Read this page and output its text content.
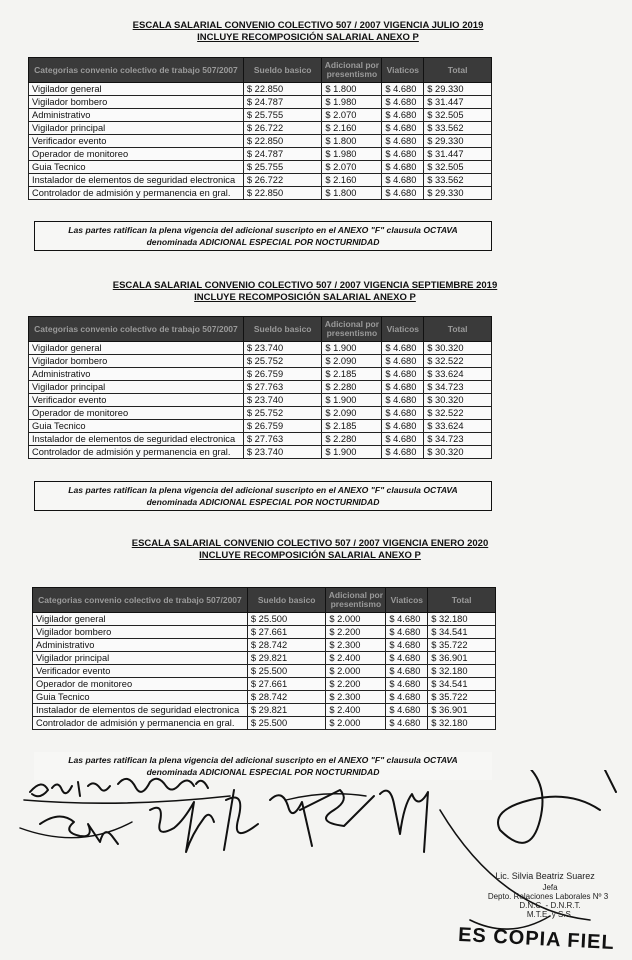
ESCALA SALARIAL CONVENIO COLECTIVO 507 / 2007 VIGENCIA JULIO 2019
INCLUYE RECOMPOSICIÓN SALARIAL ANEXO P
Categorias convenio colectivo de trabajo 507/2007	Sueldo basico	Adicional por presentismo	Viaticos	Total
Vigilador general	$ 22.850	$ 1.800	$ 4.680	$ 29.330
Vigilador bombero	$ 24.787	$ 1.980	$ 4.680	$ 31.447
Administrativo	$ 25.755	$ 2.070	$ 4.680	$ 32.505
Vigilador principal	$ 26.722	$ 2.160	$ 4.680	$ 33.562
Verificador evento	$ 22.850	$ 1.800	$ 4.680	$ 29.330
Operador de monitoreo	$ 24.787	$ 1.980	$ 4.680	$ 31.447
Guia Tecnico	$ 25.755	$ 2.070	$ 4.680	$ 32.505
Instalador de elementos de seguridad electronica	$ 26.722	$ 2.160	$ 4.680	$ 33.562
Controlador de admisión y permanencia en gral.	$ 22.850	$ 1.800	$ 4.680	$ 29.330
Las partes ratifican la plena vigencia del adicional suscripto en el ANEXO "F" clausula OCTAVA
denominada ADICIONAL ESPECIAL POR NOCTURNIDAD
ESCALA SALARIAL CONVENIO COLECTIVO 507 / 2007 VIGENCIA SEPTIEMBRE 2019
INCLUYE RECOMPOSICIÓN SALARIAL ANEXO P
Categorias convenio colectivo de trabajo 507/2007	Sueldo basico	Adicional por presentismo	Viaticos	Total
Vigilador general	$ 23.740	$ 1.900	$ 4.680	$ 30.320
Vigilador bombero	$ 25.752	$ 2.090	$ 4.680	$ 32.522
Administrativo	$ 26.759	$ 2.185	$ 4.680	$ 33.624
Vigilador principal	$ 27.763	$ 2.280	$ 4.680	$ 34.723
Verificador evento	$ 23.740	$ 1.900	$ 4.680	$ 30.320
Operador de monitoreo	$ 25.752	$ 2.090	$ 4.680	$ 32.522
Guia Tecnico	$ 26.759	$ 2.185	$ 4.680	$ 33.624
Instalador de elementos de seguridad electronica	$ 27.763	$ 2.280	$ 4.680	$ 34.723
Controlador de admisión y permanencia en gral.	$ 23.740	$ 1.900	$ 4.680	$ 30.320
Las partes ratifican la plena vigencia del adicional suscripto en el ANEXO "F" clausula OCTAVA
denominada ADICIONAL ESPECIAL POR NOCTURNIDAD
ESCALA SALARIAL CONVENIO COLECTIVO 507 / 2007 VIGENCIA ENERO 2020
INCLUYE RECOMPOSICIÓN SALARIAL ANEXO P
Categorias convenio colectivo de trabajo 507/2007	Sueldo basico	Adicional por presentismo	Viaticos	Total
Vigilador general	$ 25.500	$ 2.000	$ 4.680	$ 32.180
Vigilador bombero	$ 27.661	$ 2.200	$ 4.680	$ 34.541
Administrativo	$ 28.742	$ 2.300	$ 4.680	$ 35.722
Vigilador principal	$ 29.821	$ 2.400	$ 4.680	$ 36.901
Verificador evento	$ 25.500	$ 2.000	$ 4.680	$ 32.180
Operador de monitoreo	$ 27.661	$ 2.200	$ 4.680	$ 34.541
Guia Tecnico	$ 28.742	$ 2.300	$ 4.680	$ 35.722
Instalador de elementos de seguridad electronica	$ 29.821	$ 2.400	$ 4.680	$ 36.901
Controlador de admisión y permanencia en gral.	$ 25.500	$ 2.000	$ 4.680	$ 32.180
Las partes ratifican la plena vigencia del adicional suscripto en el ANEXO "F" clausula OCTAVA
denominada ADICIONAL ESPECIAL POR NOCTURNIDAD
Lic. Silvia Beatriz Suarez
Jefa
Depto. Relaciones Laborales Nº 3
D.N.C. - D.N.R.T.
M.T.E. y S.S.
ES COPIA FIEL
